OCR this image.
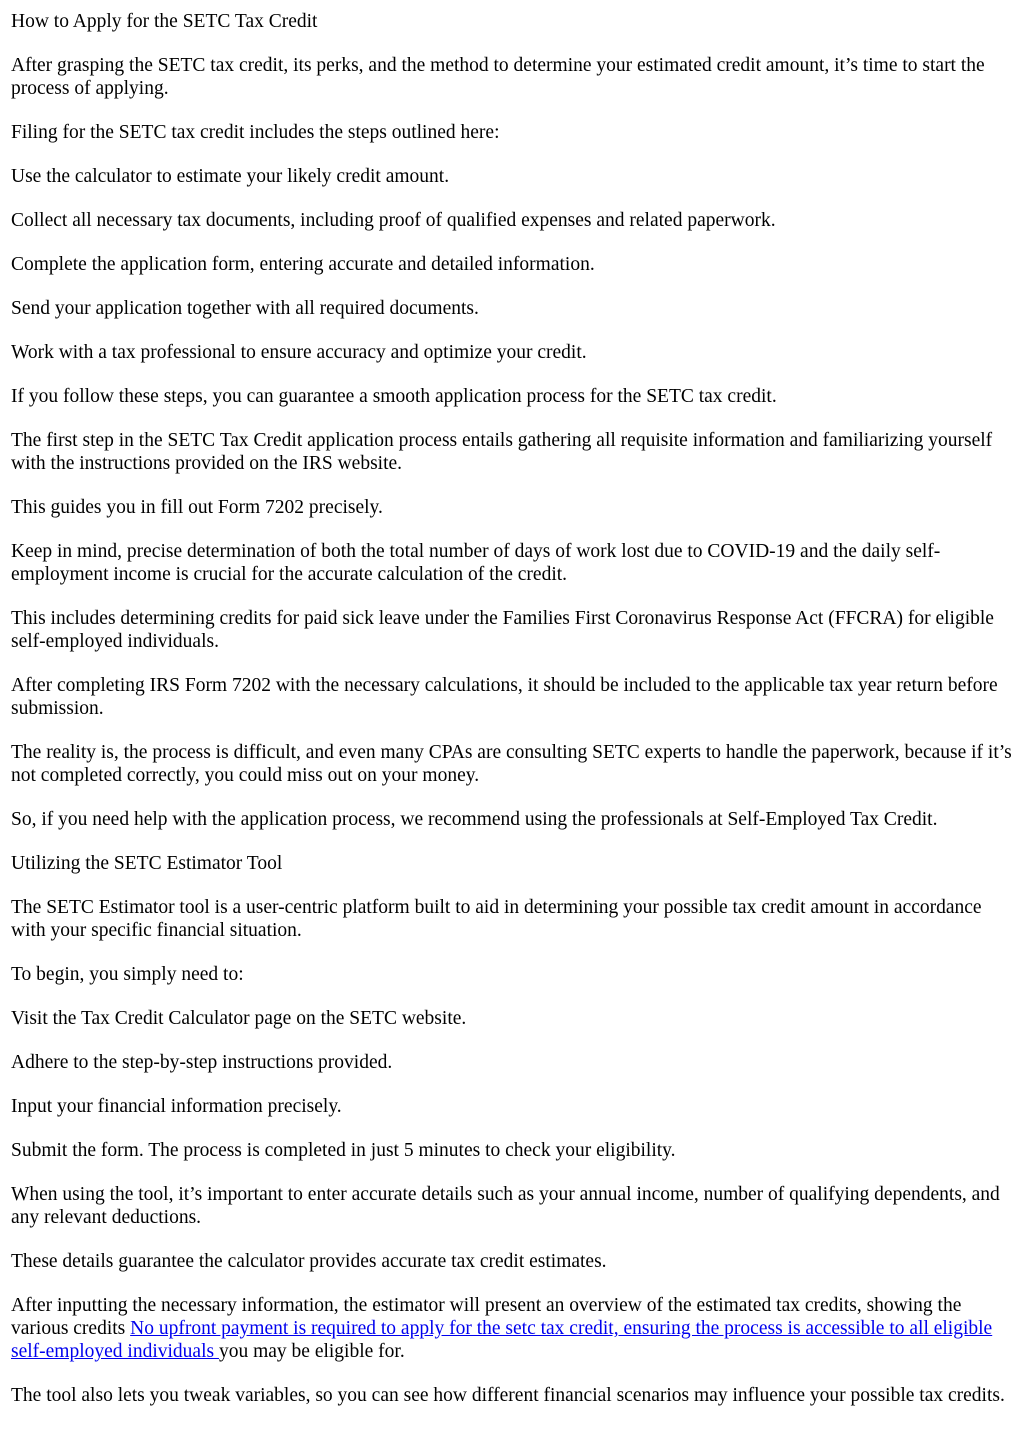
How to Apply for the SETC Tax Credit

After grasping the SETC tax credit, its perks, and the method to determine your estimated credit amount, it’s time to start the process of applying.

Filing for the SETC tax credit includes the steps outlined here:

Use the calculator to estimate your likely credit amount.

Collect all necessary tax documents, including proof of qualified expenses and related paperwork.

Complete the application form, entering accurate and detailed information.

Send your application together with all required documents.

Work with a tax professional to ensure accuracy and optimize your credit.

If you follow these steps, you can guarantee a smooth application process for the SETC tax credit.

The first step in the SETC Tax Credit application process entails gathering all requisite information and familiarizing yourself with the instructions provided on the IRS website.

This guides you in fill out Form 7202 precisely.

Keep in mind, precise determination of both the total number of days of work lost due to COVID-19 and the daily self-employment income is crucial for the accurate calculation of the credit.

This includes determining credits for paid sick leave under the Families First Coronavirus Response Act (FFCRA) for eligible self-employed individuals.

After completing IRS Form 7202 with the necessary calculations, it should be included to the applicable tax year return before submission.

The reality is, the process is difficult, and even many CPAs are consulting SETC experts to handle the paperwork, because if it’s not completed correctly, you could miss out on your money.

So, if you need help with the application process, we recommend using the professionals at Self-Employed Tax Credit.

Utilizing the SETC Estimator Tool

The SETC Estimator tool is a user-centric platform built to aid in determining your possible tax credit amount in accordance with your specific financial situation.

To begin, you simply need to:

Visit the Tax Credit Calculator page on the SETC website.

Adhere to the step-by-step instructions provided.

Input your financial information precisely.

Submit the form. The process is completed in just 5 minutes to check your eligibility.

When using the tool, it’s important to enter accurate details such as your annual income, number of qualifying dependents, and any relevant deductions.

These details guarantee the calculator provides accurate tax credit estimates.

After inputting the necessary information, the estimator will present an overview of the estimated tax credits, showing the various credits No upfront payment is required to apply for the setc tax credit, ensuring the process is accessible to all eligible self-employed individuals you may be eligible for.

The tool also lets you tweak variables, so you can see how different financial scenarios may influence your possible tax credits.
